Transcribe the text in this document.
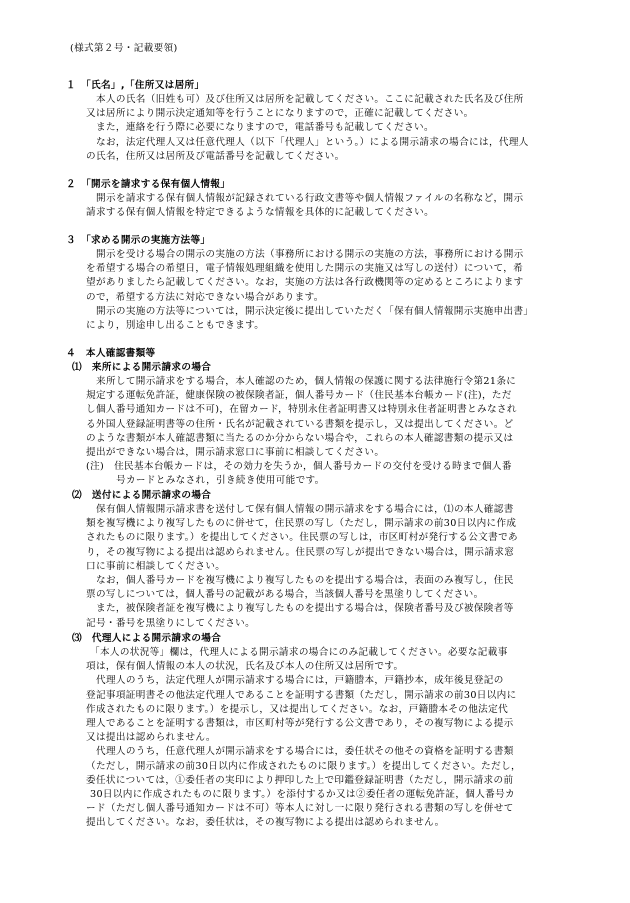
(様式第２号・記載要領)
１　「氏名」,「住所又は居所」
本人の氏名（旧姓も可）及び住所又は居所を記載してください。ここに記載された氏名及び住所
又は居所により開示決定通知等を行うことになりますので，正確に記載してください。
また，連絡を行う際に必要になりますので，電話番号も記載してください。
なお，法定代理人又は任意代理人（以下「代理人」という。）による開示請求の場合には，代理人
の氏名，住所又は居所及び電話番号を記載してください。
２　「開示を請求する保有個人情報」
開示を請求する保有個人情報が記録されている行政文書等や個人情報ファイルの名称など，開示
請求する保有個人情報を特定できるような情報を具体的に記載してください。
３　「求める開示の実施方法等」
開示を受ける場合の開示の実施の方法（事務所における開示の実施の方法，事務所における開示
を希望する場合の希望日，電子情報処理組織を使用した開示の実施又は写しの送付）について，希
望がありましたら記載してください。なお，実施の方法は各行政機関等の定めるところによります
ので，希望する方法に対応できない場合があります。
開示の実施の方法等については，開示決定後に提出していただく「保有個人情報開示実施申出書」
により，別途申し出ることもできます。
４　本人確認書類等
⑴　来所による開示請求の場合
来所して開示請求をする場合，本人確認のため，個人情報の保護に関する法律施行令第21条に
規定する運転免許証，健康保険の被保険者証，個人番号カード（住民基本台帳カード(注)，ただ
し個人番号通知カードは不可)，在留カード，特別永住者証明書又は特別永住者証明書とみなされ
る外国人登録証明書等の住所・氏名が記載されている書類を提示し，又は提出してください。ど
のような書類が本人確認書類に当たるのか分からない場合や，これらの本人確認書類の提示又は
提出ができない場合は，開示請求窓口に事前に相談してください。
(注)　住民基本台帳カードは，その効力を失うか，個人番号カードの交付を受ける時まで個人番
号カードとみなされ，引き続き使用可能です。
⑵　送付による開示請求の場合
保有個人情報開示請求書を送付して保有個人情報の開示請求をする場合には，⑴の本人確認書
類を複写機により複写したものに併せて，住民票の写し（ただし，開示請求の前30日以内に作成
されたものに限ります。）を提出してください。住民票の写しは，市区町村が発行する公文書であ
り，その複写物による提出は認められません。住民票の写しが提出できない場合は，開示請求窓
口に事前に相談してください。
なお，個人番号カードを複写機により複写したものを提出する場合は，表面のみ複写し，住民
票の写しについては，個人番号の記載がある場合，当該個人番号を黒塗りしてください。
また，被保険者証を複写機により複写したものを提出する場合は，保険者番号及び被保険者等
記号・番号を黒塗りにしてください。
⑶　代理人による開示請求の場合
「本人の状況等」欄は，代理人による開示請求の場合にのみ記載してください。必要な記載事
項は，保有個人情報の本人の状況，氏名及び本人の住所又は居所です。
代理人のうち，法定代理人が開示請求する場合には，戸籍謄本，戸籍抄本，成年後見登記の
登記事項証明書その他法定代理人であることを証明する書類（ただし，開示請求の前30日以内に
作成されたものに限ります。）を提示し，又は提出してください。なお，戸籍謄本その他法定代
理人であることを証明する書類は，市区町村等が発行する公文書であり，その複写物による提示
又は提出は認められません。
代理人のうち，任意代理人が開示請求をする場合には，委任状その他その資格を証明する書類
（ただし，開示請求の前30日以内に作成されたものに限ります。）を提出してください。ただし，
委任状については，①委任者の実印により押印した上で印鑑登録証明書（ただし，開示請求の前
30日以内に作成されたものに限ります。）を添付するか又は②委任者の運転免許証，個人番号カ
ード（ただし個人番号通知カードは不可）等本人に対し一に限り発行される書類の写しを併せて
提出してください。なお，委任状は，その複写物による提出は認められません。
